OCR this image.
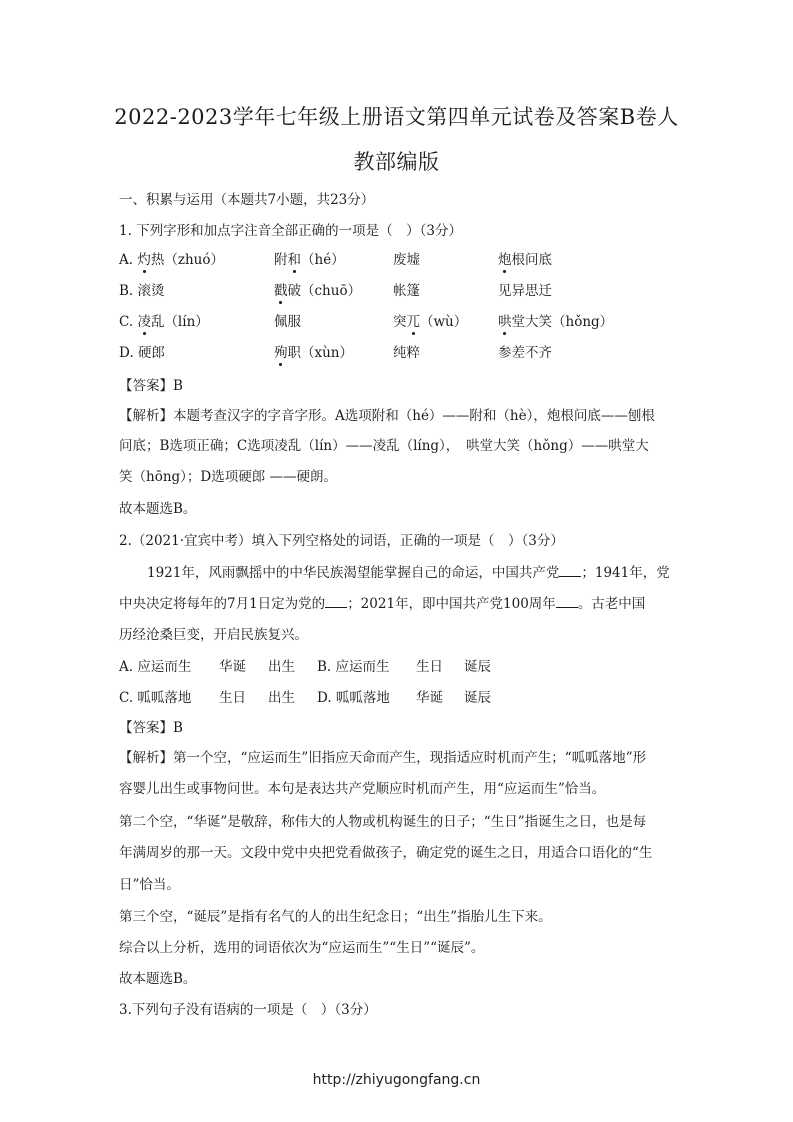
2022-2023学年七年级上册语文第四单元试卷及答案B卷人
教部编版
一、积累与运用（本题共7小题，共23分）
1. 下列字形和加点字注音全部正确的一项是（　）（3分）
A. 灼热（zhuó）	附和（hé）	废墟	炮根问底
B. 滚烫	戳破（chuō） 帐篷	见异思迁
C. 凌乱（lín）	佩服	突兀（wù） 哄堂大笑（hǒng）
D. 硬郎	殉职（xùn）	纯粹	参差不齐
【答案】B
【解析】本题考查汉字的字音字形。A选项附和（hé）——附和（hè），炮根问底——刨根
问底；B选项正确；C选项凌乱（lín）——凌乱（líng），　哄堂大笑（hǒng）——哄堂大
笑（hōng）；D选项硬郎 ——硬朗。
故本题选B。
2.（2021·宜宾中考）填入下列空格处的词语，正确的一项是（　）（3分）
1921年，风雨飘摇中的中华民族渴望能掌握自己的命运，中国共产党 ；1941年，党
中央决定将每年的7月1日定为党的 ；2021年，即中国共产党100周年 。古老中国
历经沧桑巨变，开启民族复兴。
A. 应运而生 华诞 出生 B. 应运而生 生日 诞辰
C. 呱呱落地 生日 出生 D. 呱呱落地 华诞 诞辰
【答案】B
【解析】第一个空，“应运而生”旧指应天命而产生，现指适应时机而产生；“呱呱落地”形
容婴儿出生或事物问世。本句是表达共产党顺应时机而产生，用“应运而生”恰当。
第二个空，“华诞”是敬辞，称伟大的人物或机构诞生的日子；“生日”指诞生之日，也是每
年满周岁的那一天。文段中党中央把党看做孩子，确定党的诞生之日，用适合口语化的“生
日”恰当。
第三个空，“诞辰”是指有名气的人的出生纪念日；“出生”指胎儿生下来。
综合以上分析，选用的词语依次为“应运而生”“生日”“诞辰”。
故本题选B。
3.下列句子没有语病的一项是（　）（3分）
http://zhiyugongfang.cn
